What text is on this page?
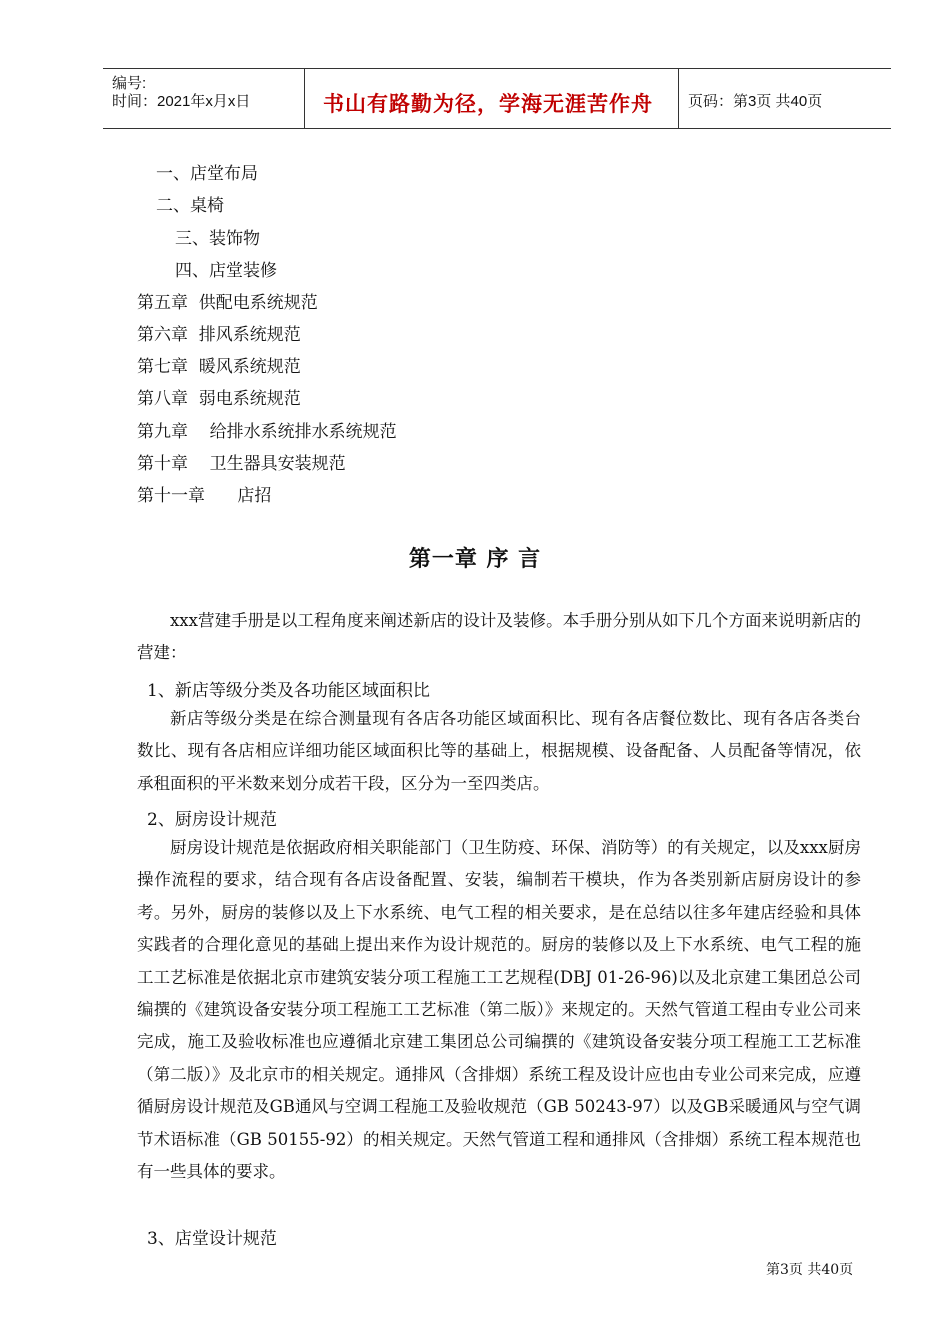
编号:
时间：2021年x月x日	书山有路勤为径，学海无涯苦作舟 页码：第3页 共40页
一、店堂布局
二、桌椅
三、装饰物
四、店堂装修
第五章  供配电系统规范
第六章  排风系统规范
第七章  暖风系统规范
第八章  弱电系统规范
第九章    给排水系统排水系统规范
第十章    卫生器具安装规范
第十一章      店招
第一章 序 言

xxx营建手册是以工程角度来阐述新店的设计及装修。本手册分别从如下几个方面来说明新店的营建：

1、新店等级分类及各功能区域面积比

新店等级分类是在综合测量现有各店各功能区域面积比、现有各店餐位数比、现有各店各类台数比、现有各店相应详细功能区域面积比等的基础上，根据规模、设备配备、人员配备等情况，依承租面积的平米数来划分成若干段，区分为一至四类店。

2、厨房设计规范

厨房设计规范是依据政府相关职能部门（卫生防疫、环保、消防等）的有关规定，以及xxx厨房操作流程的要求，结合现有各店设备配置、安装，编制若干模块，作为各类别新店厨房设计的参考。另外，厨房的装修以及上下水系统、电气工程的相关要求，是在总结以往多年建店经验和具体实践者的合理化意见的基础上提出来作为设计规范的。厨房的装修以及上下水系统、电气工程的施工工艺标准是依据北京市建筑安装分项工程施工工艺规程(DBJ 01-26-96)以及北京建工集团总公司编撰的《建筑设备安装分项工程施工工艺标准（第二版）》来规定的。天然气管道工程由专业公司来完成，施工及验收标准也应遵循北京建工集团总公司编撰的《建筑设备安装分项工程施工工艺标准（第二版）》及北京市的相关规定。通排风（含排烟）系统工程及设计应也由专业公司来完成，应遵循厨房设计规范及GB通风与空调工程施工及验收规范（GB 50243-97）以及GB采暖通风与空气调节术语标准（GB 50155-92）的相关规定。天然气管道工程和通排风（含排烟）系统工程本规范也有一些具体的要求。

3、店堂设计规范
第3页 共40页
